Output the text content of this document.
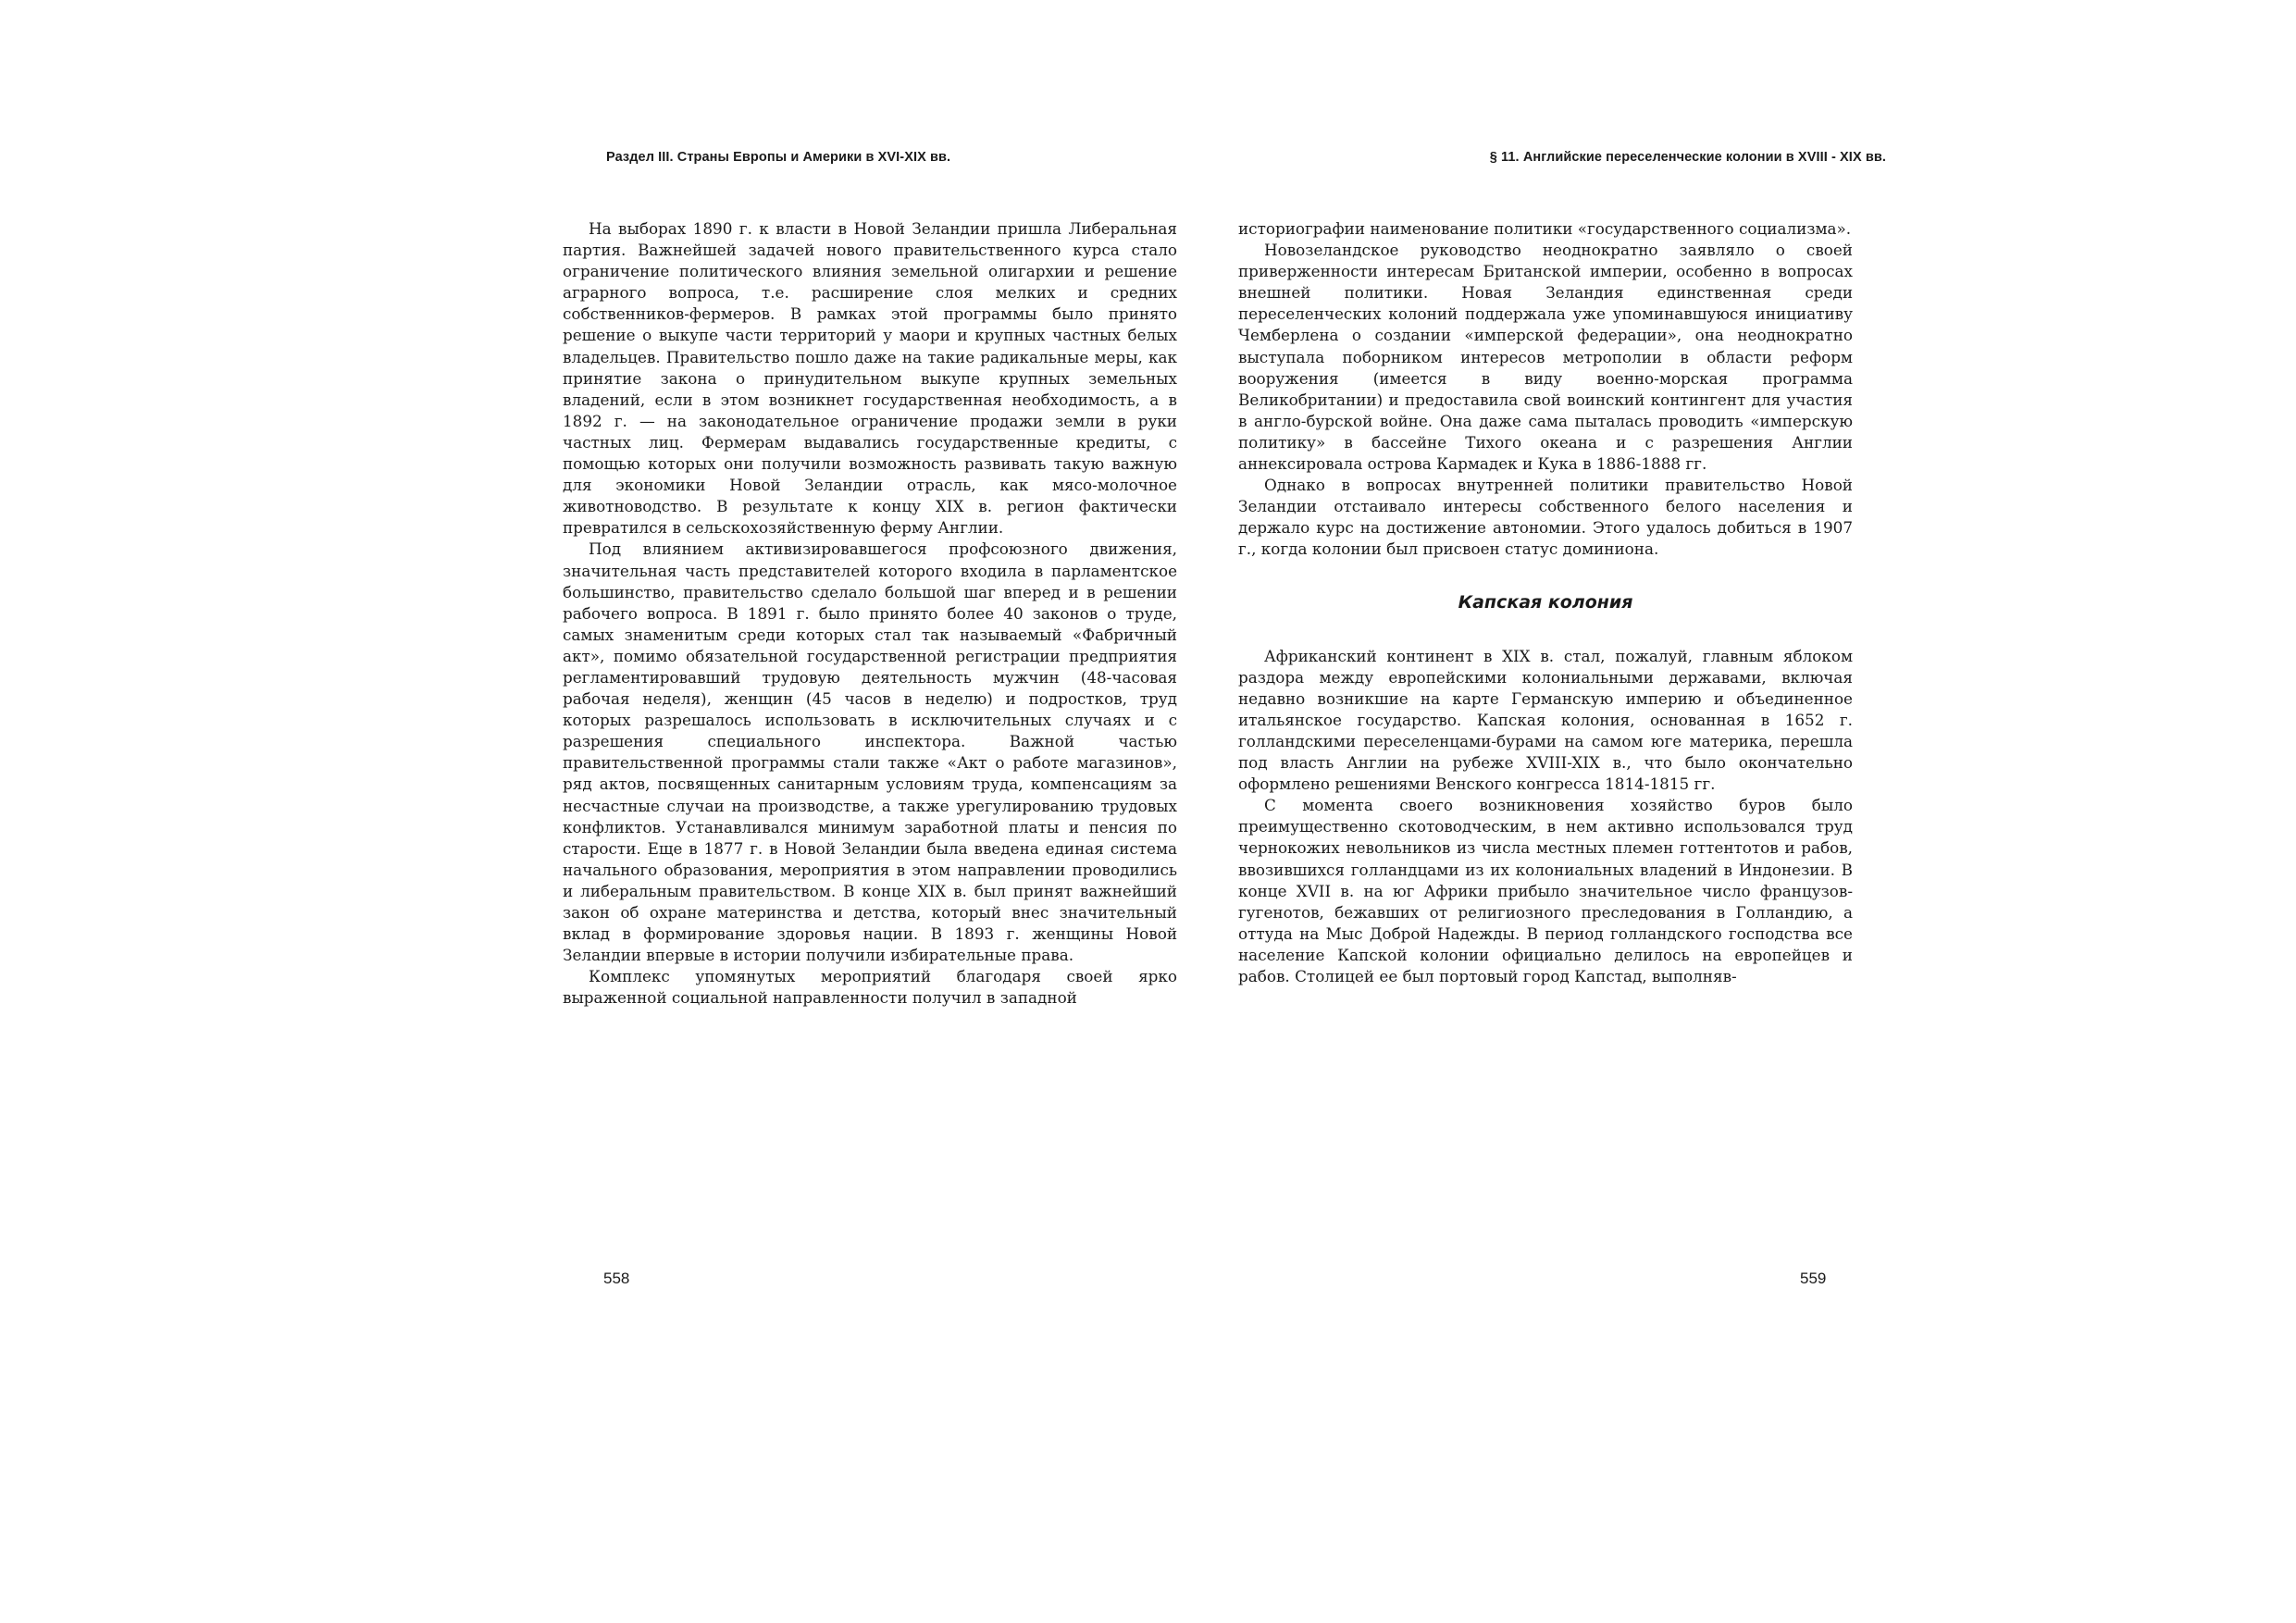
Раздел III. Страны Европы и Америки в XVI-XIX вв.

На выборах 1890 г. к власти в Новой Зеландии пришла Либеральная партия. Важнейшей задачей нового правительственного курса стало ограничение политического влияния земельной олигархии и решение аграрного вопроса, т.е. расширение слоя мелких и средних собственников-фермеров. В рамках этой программы было принято решение о выкупе части территорий у маори и крупных частных белых владельцев. Правительство пошло даже на такие радикальные меры, как принятие закона о принудительном выкупе крупных земельных владений, если в этом возникнет государственная необходимость, а в 1892 г. — на законодательное ограничение продажи земли в руки частных лиц. Фермерам выдавались государственные кредиты, с помощью которых они получили возможность развивать такую важную для экономики Новой Зеландии отрасль, как мясо-молочное животноводство. В результате к концу XIX в. регион фактически превратился в сельскохозяйственную ферму Англии.

Под влиянием активизировавшегося профсоюзного движения, значительная часть представителей которого входила в парламентское большинство, правительство сделало большой шаг вперед и в решении рабочего вопроса. В 1891 г. было принято более 40 законов о труде, самых знаменитым среди которых стал так называемый «Фабричный акт», помимо обязательной государственной регистрации предприятия регламентировавший трудовую деятельность мужчин (48-часовая рабочая неделя), женщин (45 часов в неделю) и подростков, труд которых разрешалось использовать в исключительных случаях и с разрешения специального инспектора. Важной частью правительственной программы стали также «Акт о работе магазинов», ряд актов, посвященных санитарным условиям труда, компенсациям за несчастные случаи на производстве, а также урегулированию трудовых конфликтов. Устанавливался минимум заработной платы и пенсия по старости. Еще в 1877 г. в Новой Зеландии была введена единая система начального образования, мероприятия в этом направлении проводились и либеральным правительством. В конце XIX в. был принят важнейший закон об охране материнства и детства, который внес значительный вклад в формирование здоровья нации. В 1893 г. женщины Новой Зеландии впервые в истории получили избирательные права.

Комплекс упомянутых мероприятий благодаря своей ярко выраженной социальной направленности получил в западной

558
§ 11. Английские переселенческие колонии в XVIII - XIX вв.

историографии наименование политики «государственного социализма».

Новозеландское руководство неоднократно заявляло о своей приверженности интересам Британской империи, особенно в вопросах внешней политики. Новая Зеландия единственная среди переселенческих колоний поддержала уже упоминавшуюся инициативу Чемберлена о создании «имперской федерации», она неоднократно выступала поборником интересов метрополии в области реформ вооружения (имеется в виду военно-морская программа Великобритании) и предоставила свой воинский контингент для участия в англо-бурской войне. Она даже сама пыталась проводить «имперскую политику» в бассейне Тихого океана и с разрешения Англии аннексировала острова Кармадек и Кука в 1886-1888 гг.

Однако в вопросах внутренней политики правительство Новой Зеландии отстаивало интересы собственного белого населения и держало курс на достижение автономии. Этого удалось добиться в 1907 г., когда колонии был присвоен статус доминиона.

Капская колония

Африканский континент в XIX в. стал, пожалуй, главным яблоком раздора между европейскими колониальными державами, включая недавно возникшие на карте Германскую империю и объединенное итальянское государство. Капская колония, основанная в 1652 г. голландскими переселенцами-бурами на самом юге материка, перешла под власть Англии на рубеже XVIII-XIX в., что было окончательно оформлено решениями Венского конгресса 1814-1815 гг.

С момента своего возникновения хозяйство буров было преимущественно скотоводческим, в нем активно использовался труд чернокожих невольников из числа местных племен готтентотов и рабов, ввозившихся голландцами из их колониальных владений в Индонезии. В конце XVII в. на юг Африки прибыло значительное число французов-гугенотов, бежавших от религиозного преследования в Голландию, а оттуда на Мыс Доброй Надежды. В период голландского господства все население Капской колонии официально делилось на европейцев и рабов. Столицей ее был портовый город Капстад, выполняв-

559
